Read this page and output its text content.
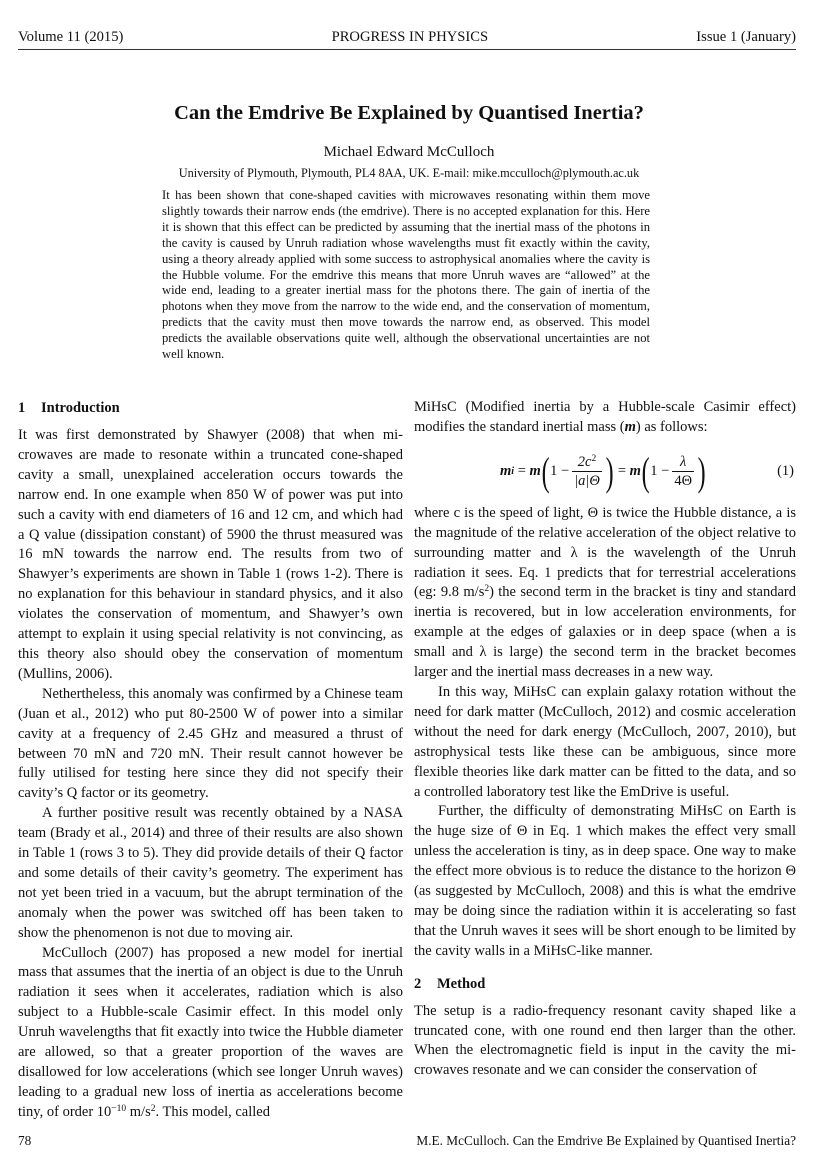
Volume 11 (2015)	PROGRESS IN PHYSICS	Issue 1 (January)
Can the Emdrive Be Explained by Quantised Inertia?
Michael Edward McCulloch
University of Plymouth, Plymouth, PL4 8AA, UK. E-mail: mike.mcculloch@plymouth.ac.uk
It has been shown that cone-shaped cavities with microwaves resonating within them move slightly towards their narrow ends (the emdrive). There is no accepted explanation for this. Here it is shown that this effect can be predicted by assuming that the inertial mass of the photons in the cavity is caused by Unruh radiation whose wavelengths must fit exactly within the cavity, using a theory already applied with some success to astrophysical anomalies where the cavity is the Hubble volume. For the emdrive this means that more Unruh waves are “allowed” at the wide end, leading to a greater inertial mass for the photons there. The gain of inertia of the photons when they move from the narrow to the wide end, and the conservation of momentum, predicts that the cavity must then move towards the narrow end, as observed. This model predicts the available observations quite well, although the observational uncertainties are not well known.
1 Introduction

It was first demonstrated by Shawyer (2008) that when microwaves are made to resonate within a truncated cone-shaped cavity a small, unexplained acceleration occurs towards the narrow end. In one example when 850 W of power was put into such a cavity with end diameters of 16 and 12 cm, and which had a Q value (dissipation constant) of 5900 the thrust measured was 16 mN towards the narrow end. The results from two of Shawyer’s experiments are shown in Table 1 (rows 1-2). There is no explanation for this behaviour in standard physics, and it also violates the conservation of momentum, and Shawyer’s own attempt to explain it using special relativity is not convincing, as this theory also should obey the conservation of momentum (Mullins, 2006).

Nethertheless, this anomaly was confirmed by a Chinese team (Juan et al., 2012) who put 80-2500 W of power into a similar cavity at a frequency of 2.45 GHz and measured a thrust of between 70 mN and 720 mN. Their result cannot however be fully utilised for testing here since they did not specify their cavity’s Q factor or its geometry.

A further positive result was recently obtained by a NASA team (Brady et al., 2014) and three of their results are also shown in Table 1 (rows 3 to 5). They did provide details of their Q factor and some details of their cavity’s geometry. The experiment has not yet been tried in a vacuum, but the abrupt termination of the anomaly when the power was switched off has been taken to show the phenomenon is not due to moving air.

McCulloch (2007) has proposed a new model for inertial mass that assumes that the inertia of an object is due to the Unruh radiation it sees when it accelerates, radiation which is also subject to a Hubble-scale Casimir effect. In this model only Unruh wavelengths that fit exactly into twice the Hubble diameter are allowed, so that a greater proportion of the waves are disallowed for low accelerations (which see longer Unruh waves) leading to a gradual new loss of inertia as accelerations become tiny, of order $10^{-10}$ $m/s^2$. This model, called

MiHsC (Modified inertia by a Hubble-scale Casimir effect) modifies the standard inertial mass (m) as follows:

m i = m ( $1 - \frac{2c^2}{|a|\Theta}$ ) = m ( $1 - \frac{\lambda}{4\Theta}$ )	(1)

where c is the speed of light, Θ is twice the Hubble distance, a is the magnitude of the relative acceleration of the object relative to surrounding matter and λ is the wavelength of the Unruh radiation it sees. Eq. 1 predicts that for terrestrial accelerations (eg: 9.8 $m/s^2$) the second term in the bracket is tiny and standard inertia is recovered, but in low acceleration environments, for example at the edges of galaxies or in deep space (when a is small and λ is large) the second term in the bracket becomes larger and the inertial mass decreases in a new way.

In this way, MiHsC can explain galaxy rotation without the need for dark matter (McCulloch, 2012) and cosmic acceleration without the need for dark energy (McCulloch, 2007, 2010), but astrophysical tests like these can be ambiguous, since more flexible theories like dark matter can be fitted to the data, and so a controlled laboratory test like the EmDrive is useful.

Further, the difficulty of demonstrating MiHsC on Earth is the huge size of Θ in Eq. 1 which makes the effect very small unless the acceleration is tiny, as in deep space. One way to make the effect more obvious is to reduce the distance to the horizon Θ (as suggested by McCulloch, 2008) and this is what the emdrive may be doing since the radiation within it is accelerating so fast that the Unruh waves it sees will be short enough to be limited by the cavity walls in a MiHsC-like manner.

2 Method

The setup is a radio-frequency resonant cavity shaped like a truncated cone, with one round end then larger than the other. When the electromagnetic field is input in the cavity the microwaves resonate and we can consider the conservation of

78	M.E. McCulloch. Can the Emdrive Be Explained by Quantised Inertia?
